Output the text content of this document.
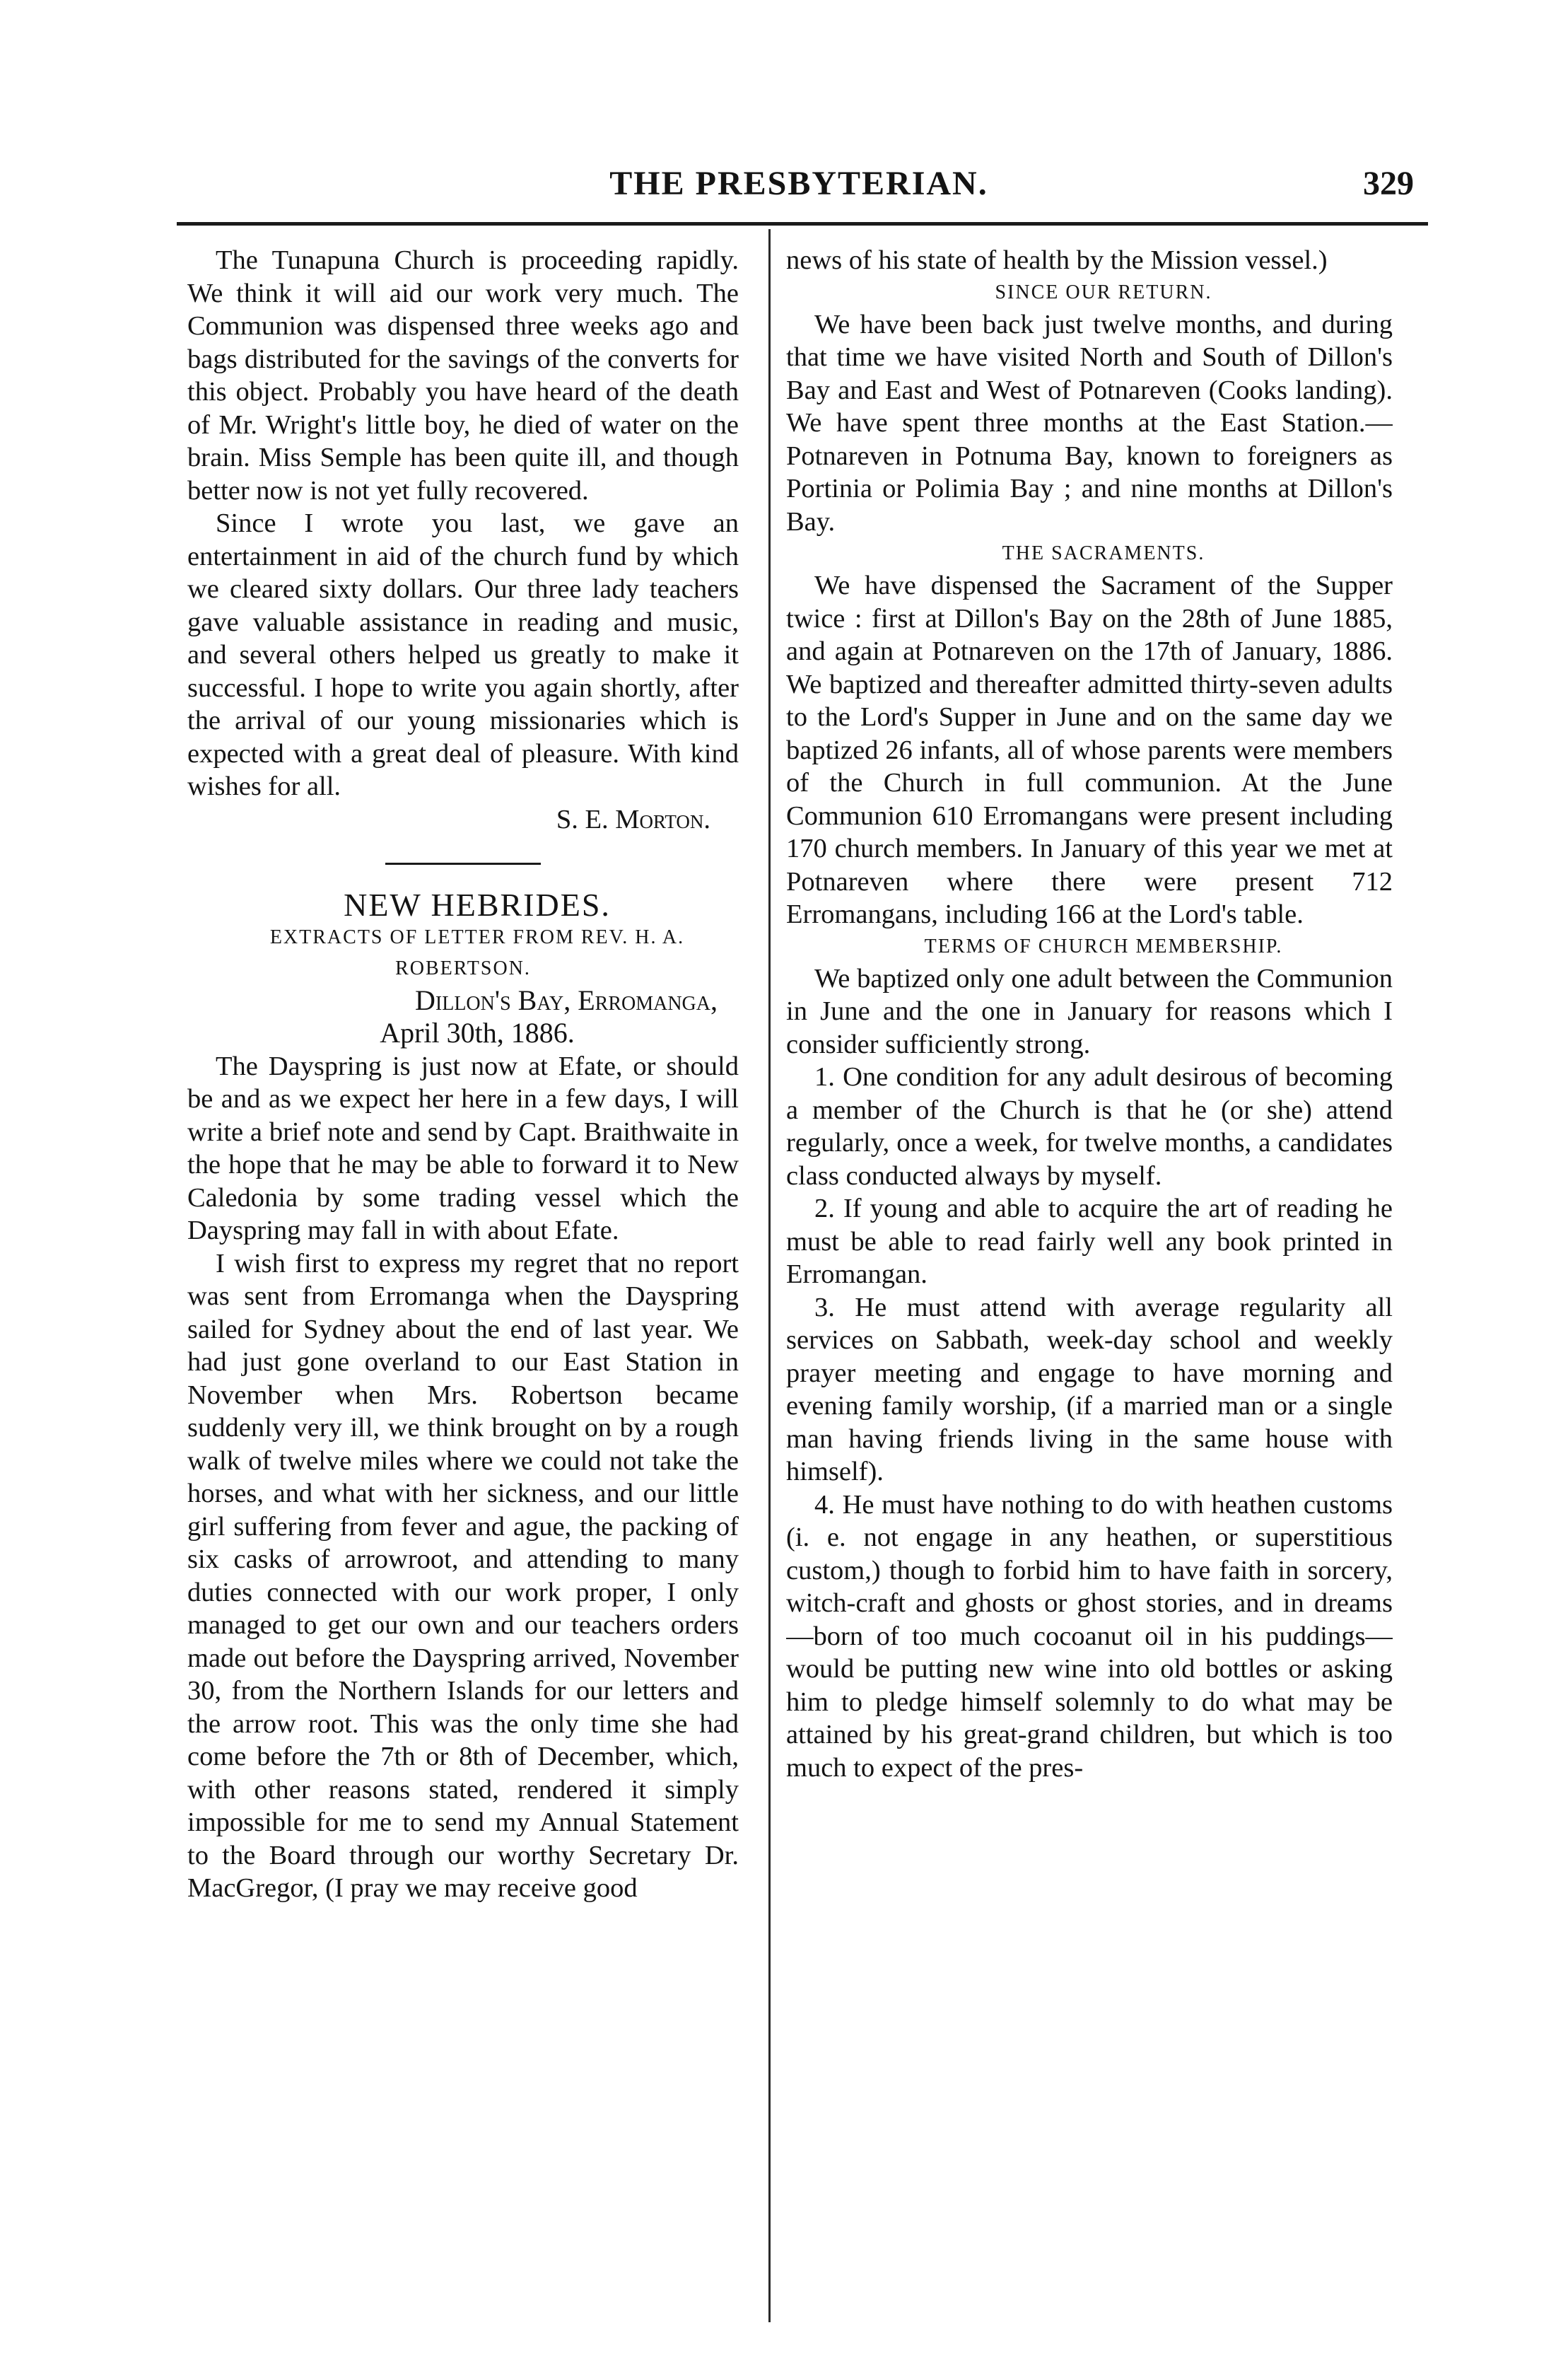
THE PRESBYTERIAN.	329

The Tunapuna Church is proceeding rapidly. We think it will aid our work very much. The Communion was dispensed three weeks ago and bags distributed for the savings of the converts for this object. Probably you have heard of the death of Mr. Wright's little boy, he died of water on the brain. Miss Semple has been quite ill, and though better now is not yet fully recovered.

Since I wrote you last, we gave an entertainment in aid of the church fund by which we cleared sixty dollars. Our three lady teachers gave valuable assistance in reading and music, and several others helped us greatly to make it successful. I hope to write you again shortly, after the arrival of our young missionaries which is expected with a great deal of pleasure. With kind wishes for all.

S. E. Morton.

NEW HEBRIDES.

EXTRACTS OF LETTER FROM REV. H. A. ROBERTSON.

Dillon's Bay, Erromanga,

April 30th, 1886.

The Dayspring is just now at Efate, or should be and as we expect her here in a few days, I will write a brief note and send by Capt. Braithwaite in the hope that he may be able to forward it to New Caledonia by some trading vessel which the Dayspring may fall in with about Efate.

I wish first to express my regret that no report was sent from Erromanga when the Dayspring sailed for Sydney about the end of last year. We had just gone overland to our East Station in November when Mrs. Robertson became suddenly very ill, we think brought on by a rough walk of twelve miles where we could not take the horses, and what with her sickness, and our little girl suffering from fever and ague, the packing of six casks of arrowroot, and attending to many duties connected with our work proper, I only managed to get our own and our teachers orders made out before the Dayspring arrived, November 30, from the Northern Islands for our letters and the arrow root. This was the only time she had come before the 7th or 8th of December, which, with other reasons stated, rendered it simply impossible for me to send my Annual Statement to the Board through our worthy Secretary Dr. MacGregor, (I pray we may receive good

news of his state of health by the Mission vessel.)

SINCE OUR RETURN.

We have been back just twelve months, and during that time we have visited North and South of Dillon's Bay and East and West of Potnareven (Cooks landing). We have spent three months at the East Station.—Potnareven in Potnuma Bay, known to foreigners as Portinia or Polimia Bay ; and nine months at Dillon's Bay.

THE SACRAMENTS.

We have dispensed the Sacrament of the Supper twice : first at Dillon's Bay on the 28th of June 1885, and again at Potnareven on the 17th of January, 1886. We baptized and thereafter admitted thirty-seven adults to the Lord's Supper in June and on the same day we baptized 26 infants, all of whose parents were members of the Church in full communion. At the June Communion 610 Erromangans were present including 170 church members. In January of this year we met at Potnareven where there were present 712 Erromangans, including 166 at the Lord's table.

TERMS OF CHURCH MEMBERSHIP.

We baptized only one adult between the Communion in June and the one in January for reasons which I consider sufficiently strong.

1. One condition for any adult desirous of becoming a member of the Church is that he (or she) attend regularly, once a week, for twelve months, a candidates class conducted always by myself.

2. If young and able to acquire the art of reading he must be able to read fairly well any book printed in Erromangan.

3. He must attend with average regularity all services on Sabbath, week-day school and weekly prayer meeting and engage to have morning and evening family worship, (if a married man or a single man having friends living in the same house with himself).

4. He must have nothing to do with heathen customs (i. e. not engage in any heathen, or superstitious custom,) though to forbid him to have faith in sorcery, witch-craft and ghosts or ghost stories, and in dreams—born of too much cocoanut oil in his puddings—would be putting new wine into old bottles or asking him to pledge himself solemnly to do what may be attained by his great-grand children, but which is too much to expect of the pres-
